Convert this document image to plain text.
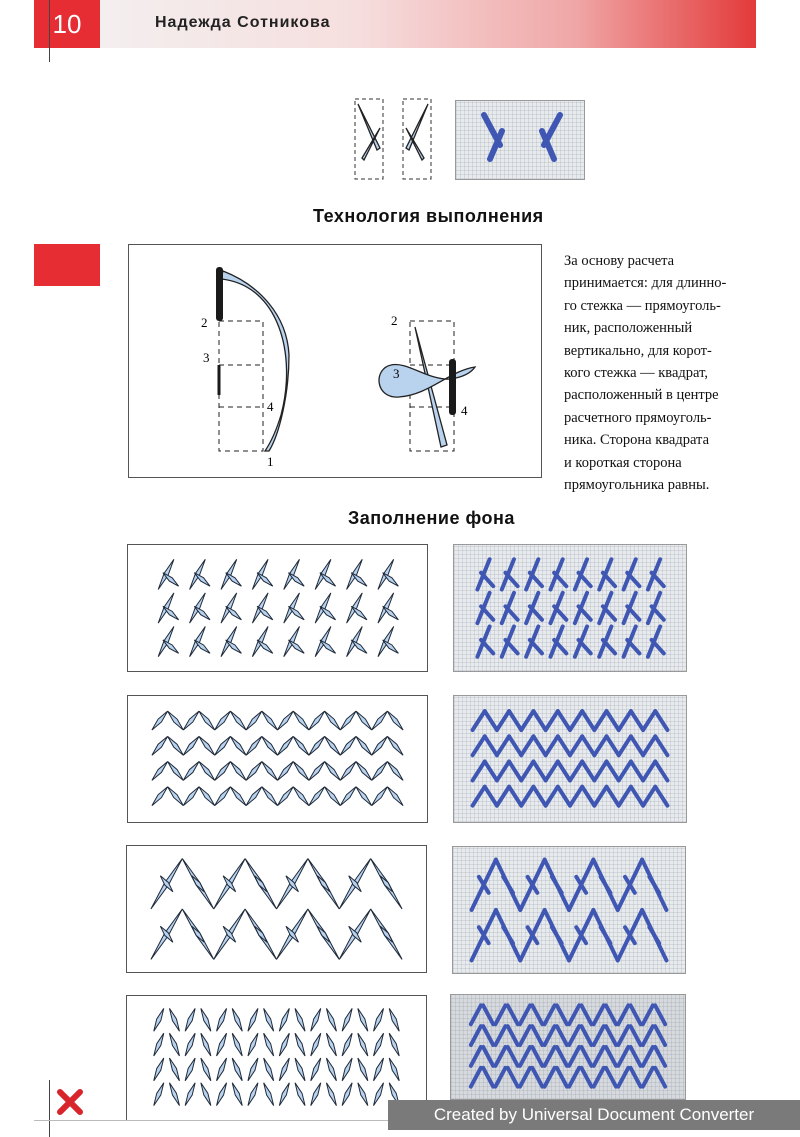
10	Надежда Сотникова
Технология выполнения
2
3
4
1
2
3
4
За основу расчета
принимается: для длинно-
го стежка — прямоуголь-
ник, расположенный
вертикально, для корот-
кого стежка — квадрат,
расположенный в центре
расчетного прямоуголь-
ника. Сторона квадрата
и короткая сторона
прямоугольника равны.
Заполнение фона
Created by Universal Document Converter
